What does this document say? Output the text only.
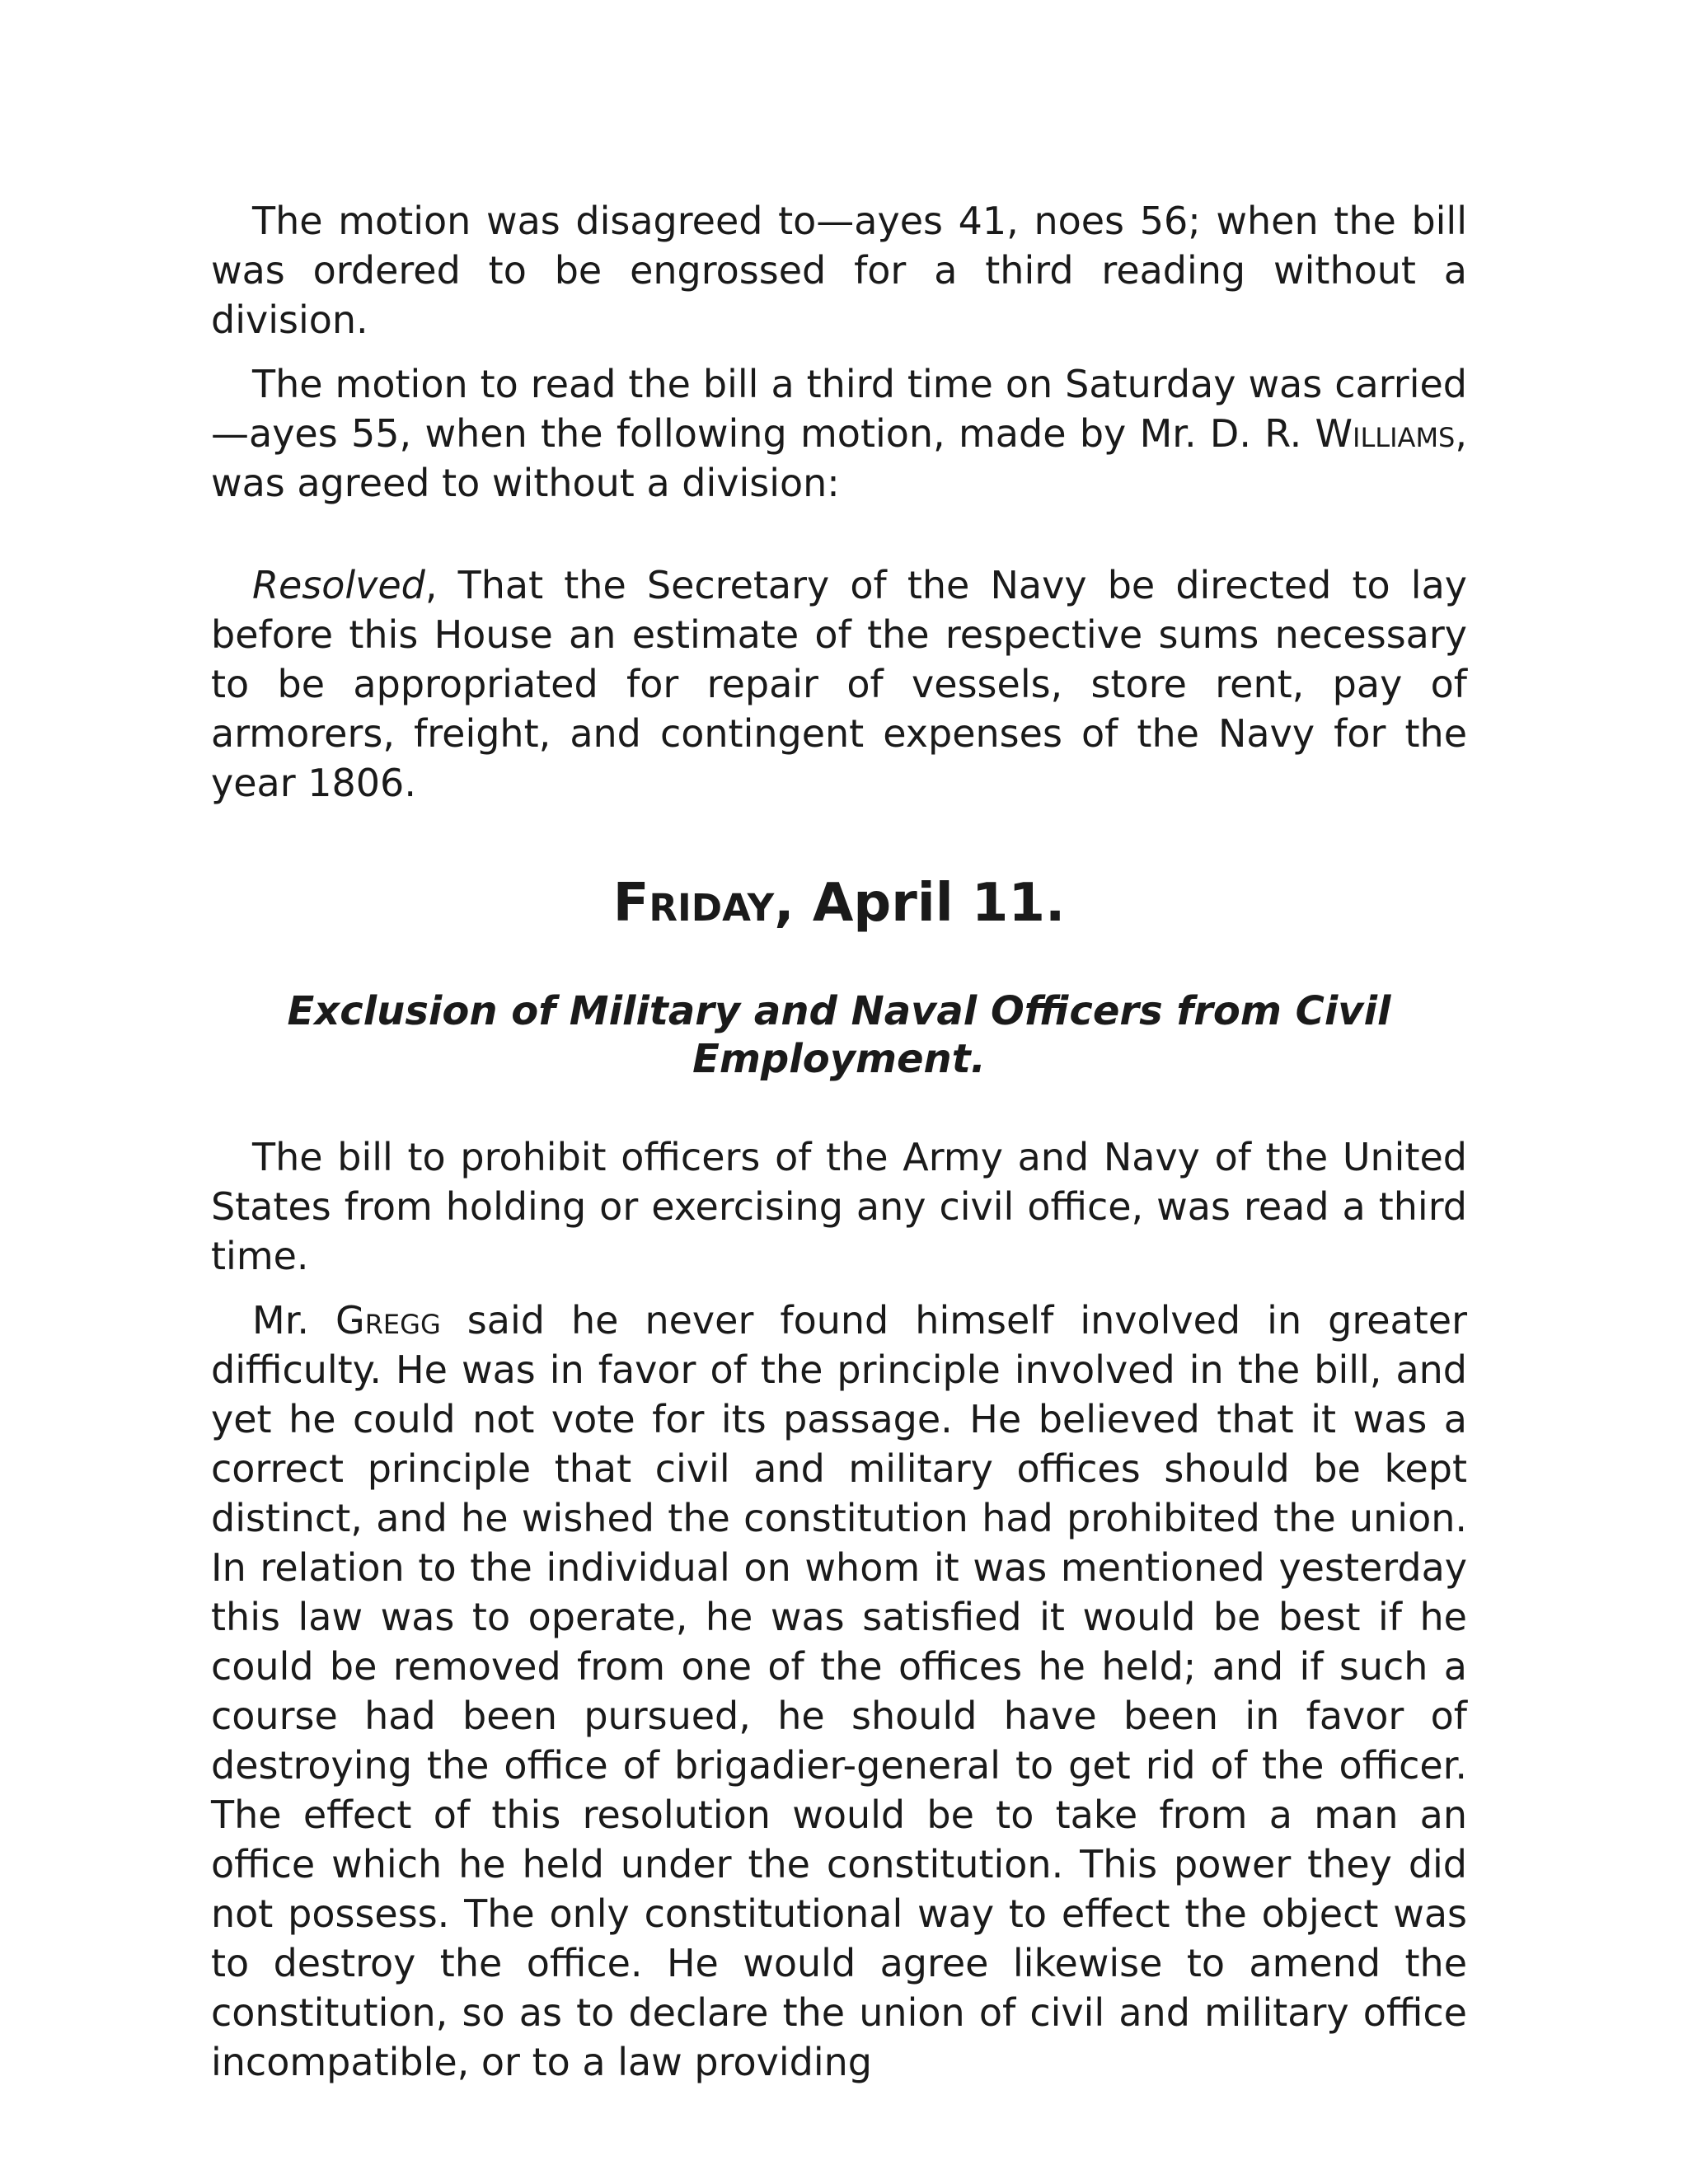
The motion was disagreed to—ayes 41, noes 56; when the bill was ordered to be engrossed for a third reading without a division.

The motion to read the bill a third time on Saturday was carried—ayes 55, when the following motion, made by Mr. D. R. Williams, was agreed to without a division:

Resolved, That the Secretary of the Navy be directed to lay before this House an estimate of the respective sums necessary to be appropriated for repair of vessels, store rent, pay of armorers, freight, and contingent expenses of the Navy for the year 1806.

Friday, April 11.
Exclusion of Military and Naval Officers from Civil Employment.

The bill to prohibit officers of the Army and Navy of the United States from holding or exercising any civil office, was read a third time.

Mr. Gregg said he never found himself involved in greater difficulty. He was in favor of the principle involved in the bill, and yet he could not vote for its passage. He believed that it was a correct principle that civil and military offices should be kept distinct, and he wished the constitution had prohibited the union. In relation to the individual on whom it was mentioned yesterday this law was to operate, he was satisfied it would be best if he could be removed from one of the offices he held; and if such a course had been pursued, he should have been in favor of destroying the office of brigadier-general to get rid of the officer. The effect of this resolution would be to take from a man an office which he held under the constitution. This power they did not possess. The only constitutional way to effect the object was to destroy the office. He would agree likewise to amend the constitution, so as to declare the union of civil and military office incompatible, or to a law providing
